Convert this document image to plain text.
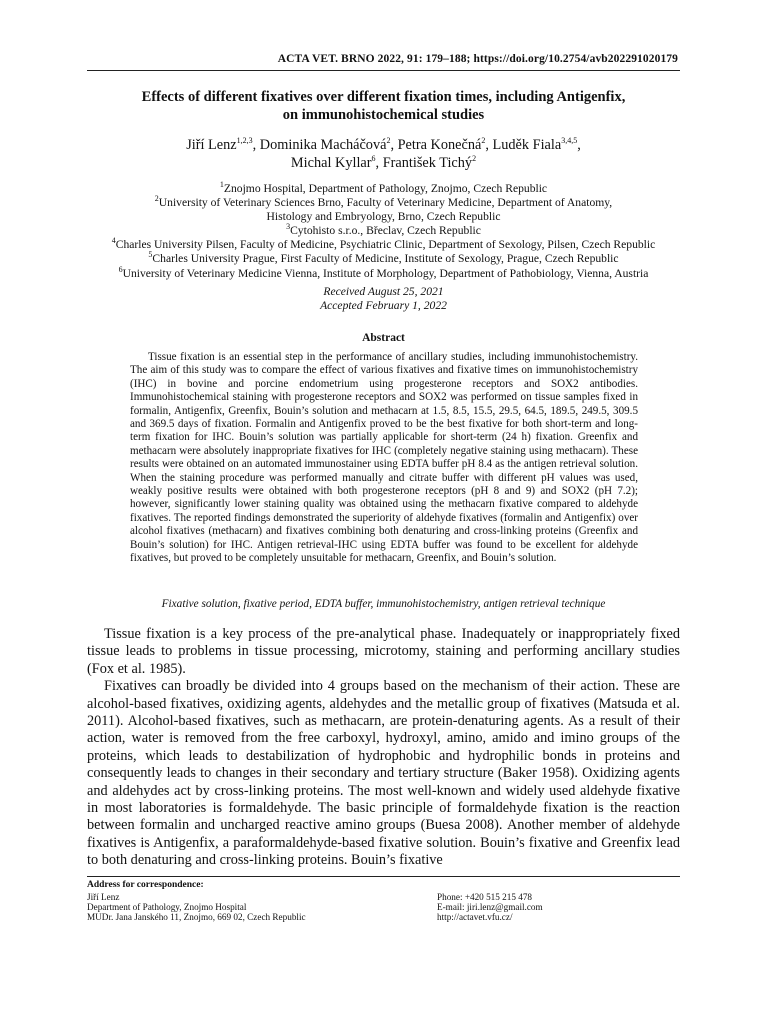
ACTA VET. BRNO 2022, 91: 179–188; https://doi.org/10.2754/avb202291020179
Effects of different fixatives over different fixation times, including Antigenfix,
on immunohistochemical studies
Jiří Lenz$^{1,2,3}$, Dominika Macháčová$^2$, Petra Konečná$^2$, Luděk Fiala$^{3,4,5}$,
Michal Kyllar$^6$, František Tichý$^2$
$^1$Znojmo Hospital, Department of Pathology, Znojmo, Czech Republic
$^2$University of Veterinary Sciences Brno, Faculty of Veterinary Medicine, Department of Anatomy,
Histology and Embryology, Brno, Czech Republic
$^3$Cytohisto s.r.o., Břeclav, Czech Republic
$^4$Charles University Pilsen, Faculty of Medicine, Psychiatric Clinic, Department of Sexology, Pilsen, Czech Republic
$^5$Charles University Prague, First Faculty of Medicine, Institute of Sexology, Prague, Czech Republic
$^6$University of Veterinary Medicine Vienna, Institute of Morphology, Department of Pathobiology, Vienna, Austria
Received August 25, 2021
Accepted February 1, 2022
Abstract
Tissue fixation is an essential step in the performance of ancillary studies, including immunohistochemistry. The aim of this study was to compare the effect of various fixatives and fixative times on immunohistochemistry (IHC) in bovine and porcine endometrium using progesterone receptors and SOX2 antibodies. Immunohistochemical staining with progesterone receptors and SOX2 was performed on tissue samples fixed in formalin, Antigenfix, Greenfix, Bouin’s solution and methacarn at 1.5, 8.5, 15.5, 29.5, 64.5, 189.5, 249.5, 309.5 and 369.5 days of fixation. Formalin and Antigenfix proved to be the best fixative for both short-term and long-term fixation for IHC. Bouin’s solution was partially applicable for short-term (24 h) fixation. Greenfix and methacarn were absolutely inappropriate fixatives for IHC (completely negative staining using methacarn). These results were obtained on an automated immunostainer using EDTA buffer pH 8.4 as the antigen retrieval solution. When the staining procedure was performed manually and citrate buffer with different pH values was used, weakly positive results were obtained with both progesterone receptors (pH 8 and 9) and SOX2 (pH 7.2); however, significantly lower staining quality was obtained using the methacarn fixative compared to aldehyde fixatives. The reported findings demonstrated the superiority of aldehyde fixatives (formalin and Antigenfix) over alcohol fixatives (methacarn) and fixatives combining both denaturing and cross-linking proteins (Greenfix and Bouin’s solution) for IHC. Antigen retrieval-IHC using EDTA buffer was found to be excellent for aldehyde fixatives, but proved to be completely unsuitable for methacarn, Greenfix, and Bouin’s solution.
Fixative solution, fixative period, EDTA buffer, immunohistochemistry, antigen retrieval technique

Tissue fixation is a key process of the pre-analytical phase. Inadequately or inappropriately fixed tissue leads to problems in tissue processing, microtomy, staining and performing ancillary studies (Fox et al. 1985).

Fixatives can broadly be divided into 4 groups based on the mechanism of their action. These are alcohol-based fixatives, oxidizing agents, aldehydes and the metallic group of fixatives (Matsuda et al. 2011). Alcohol-based fixatives, such as methacarn, are protein-denaturing agents. As a result of their action, water is removed from the free carboxyl, hydroxyl, amino, amido and imino groups of the proteins, which leads to destabilization of hydrophobic and hydrophilic bonds in proteins and consequently leads to changes in their secondary and tertiary structure (Baker 1958). Oxidizing agents and aldehydes act by cross-linking proteins. The most well-known and widely used aldehyde fixative in most laboratories is formaldehyde. The basic principle of formaldehyde fixation is the reaction between formalin and uncharged reactive amino groups (Buesa 2008). Another member of aldehyde fixatives is Antigenfix, a paraformaldehyde-based fixative solution. Bouin’s fixative and Greenfix lead to both denaturing and cross-linking proteins. Bouin’s fixative

Address for correspondence:
Jiří Lenz
Department of Pathology, Znojmo Hospital
MUDr. Jana Janského 11, Znojmo, 669 02, Czech Republic
Phone: +420 515 215 478
E-mail: jiri.lenz@gmail.com
http://actavet.vfu.cz/
